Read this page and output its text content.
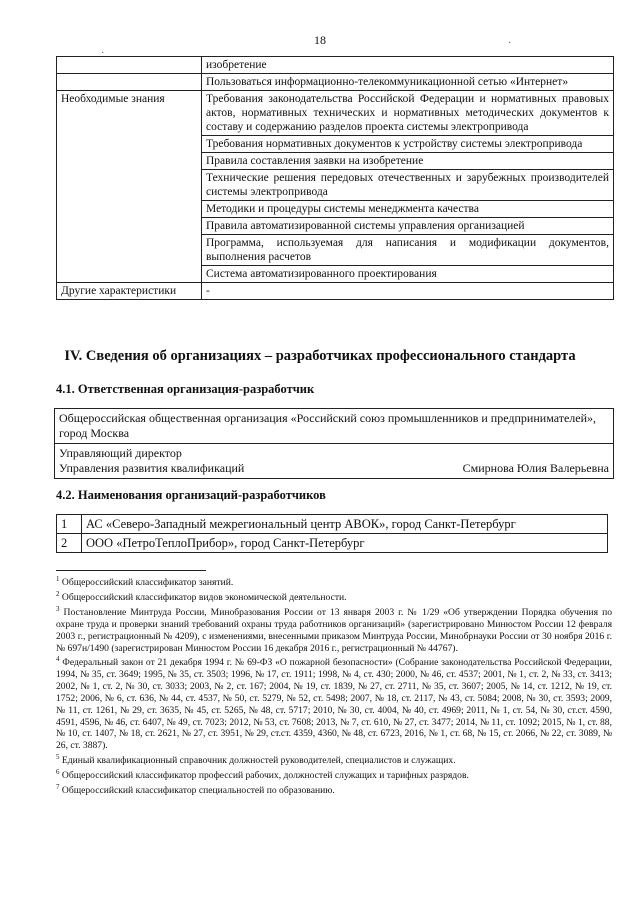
18
·
·
	изобретение
	Пользоваться информационно-телекоммуникационной сетью «Интернет»
Необходимые знания	Требования законодательства Российской Федерации и нормативных правовых актов, нормативных технических и нормативных методических документов к составу и содержанию разделов проекта системы электропривода
	Требования нормативных документов к устройству системы электропривода
	Правила составления заявки на изобретение
	Технические решения передовых отечественных и зарубежных производителей системы электропривода
	Методики и процедуры системы менеджмента качества
	Правила автоматизированной системы управления организацией
	Программа, используемая для написания и модификации документов, выполнения расчетов
	Система автоматизированного проектирования
Другие характеристики	-
IV. Сведения об организациях – разработчиках профессионального стандарта
4.1. Ответственная организация-разработчик
Общероссийская общественная организация «Российский союз промышленников и предпринимателей», город Москва

Управляющий директор
Управления развития квалификаций	Смирнова Юлия Валерьевна
4.2. Наименования организаций-разработчиков
1	АС «Северо-Западный межрегиональный центр АВОК», город Санкт-Петербург
2	ООО «ПетроТеплоПрибор», город Санкт-Петербург

$^1$ Общероссийский классификатор занятий.

$^2$ Общероссийский классификатор видов экономической деятельности.

$^3$ Постановление Минтруда России, Минобразования России от 13 января 2003 г. № 1/29 «Об утверждении Порядка обучения по охране труда и проверки знаний требований охраны труда работников организаций» (зарегистрировано Минюстом России 12 февраля 2003 г., регистрационный № 4209), с изменениями, внесенными приказом Минтруда России, Минобрнауки России от 30 ноября 2016 г. № 697н/1490 (зарегистрирован Минюстом России 16 декабря 2016 г., регистрационный № 44767).

$^4$ Федеральный закон от 21 декабря 1994 г. № 69-ФЗ «О пожарной безопасности» (Собрание законодательства Российской Федерации, 1994, № 35, ст. 3649; 1995, № 35, ст. 3503; 1996, № 17, ст. 1911; 1998, № 4, ст. 430; 2000, № 46, ст. 4537; 2001, № 1, ст. 2, № 33, ст. 3413; 2002, № 1, ст. 2, № 30, ст. 3033; 2003, № 2, ст. 167; 2004, № 19, ст. 1839, № 27, ст. 2711, № 35, ст. 3607; 2005, № 14, ст. 1212, № 19, ст. 1752; 2006, № 6, ст. 636, № 44, ст. 4537, № 50, ст. 5279, № 52, ст. 5498; 2007, № 18, ст. 2117, № 43, ст. 5084; 2008, № 30, ст. 3593; 2009, № 11, ст. 1261, № 29, ст. 3635, № 45, ст. 5265, № 48, ст. 5717; 2010, № 30, ст. 4004, № 40, ст. 4969; 2011, № 1, ст. 54, № 30, ст.ст. 4590, 4591, 4596, № 46, ст. 6407, № 49, ст. 7023; 2012, № 53, ст. 7608; 2013, № 7, ст. 610, № 27, ст. 3477; 2014, № 11, ст. 1092; 2015, № 1, ст. 88, № 10, ст. 1407, № 18, ст. 2621, № 27, ст. 3951, № 29, ст.ст. 4359, 4360, № 48, ст. 6723, 2016, № 1, ст. 68, № 15, ст. 2066, № 22, ст. 3089, № 26, ст. 3887).

$^5$ Единый квалификационный справочник должностей руководителей, специалистов и служащих.

$^6$ Общероссийский классификатор профессий рабочих, должностей служащих и тарифных разрядов.

$^7$ Общероссийский классификатор специальностей по образованию.
